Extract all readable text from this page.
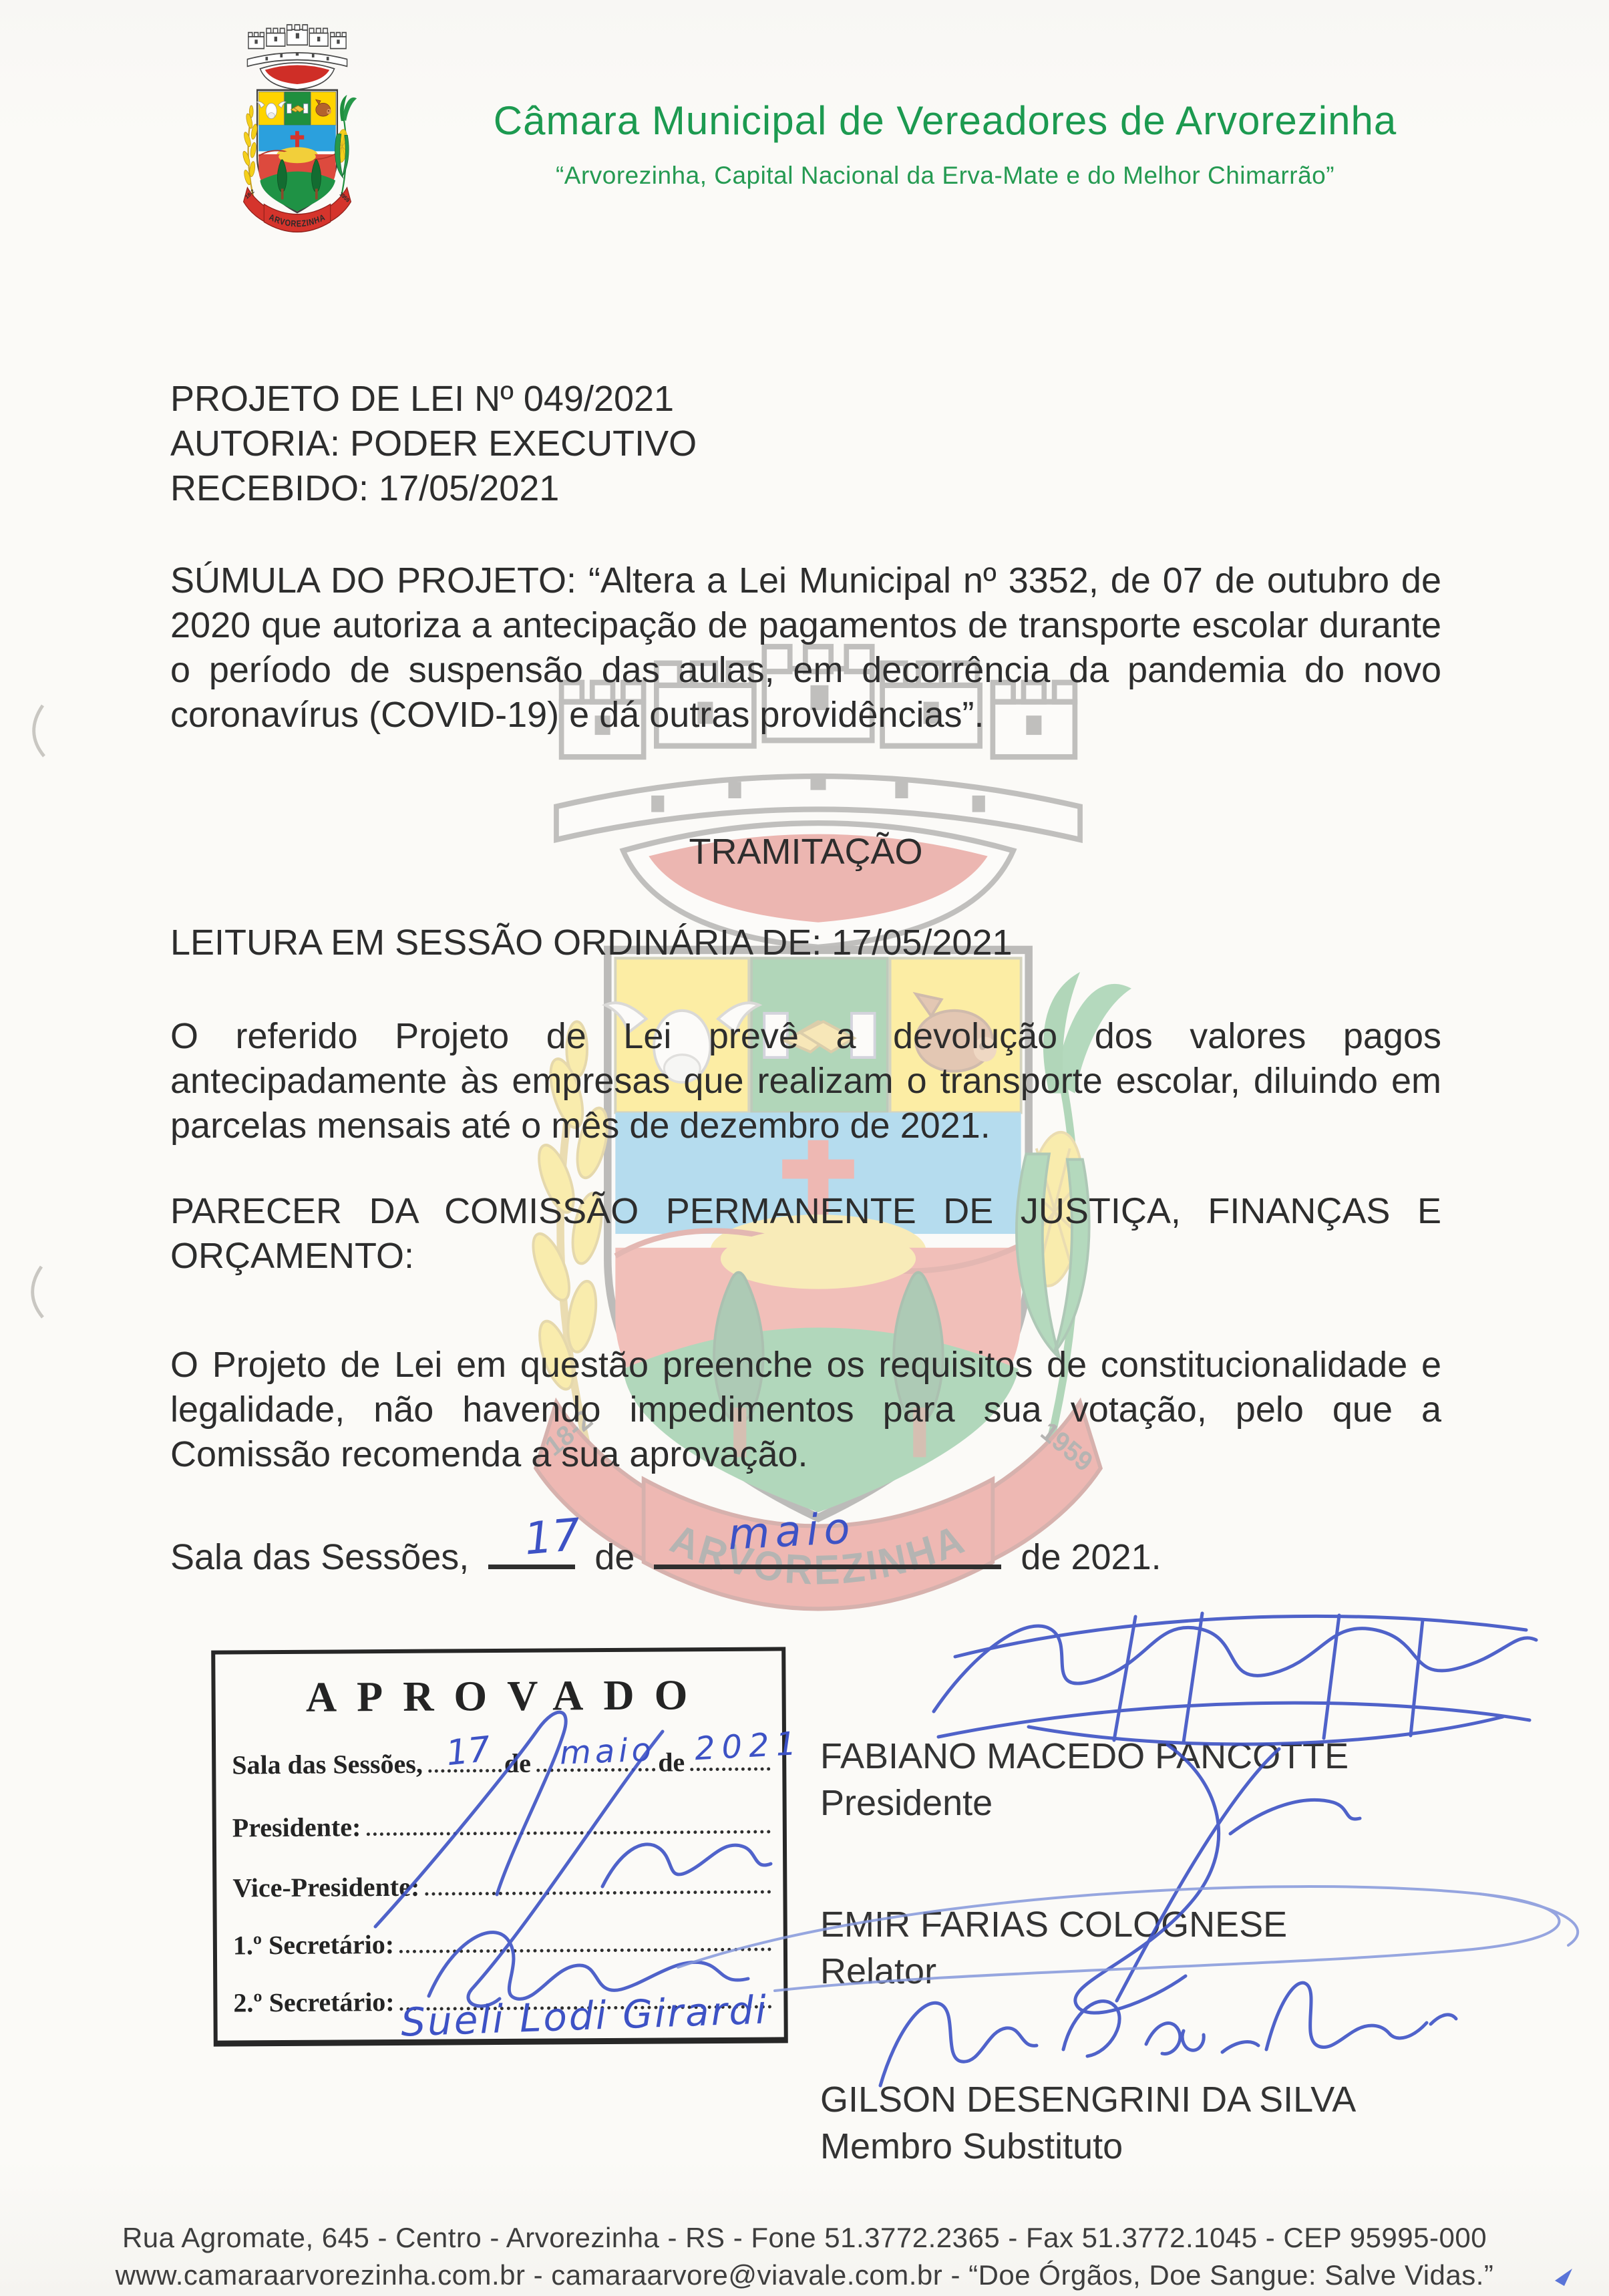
Câmara Municipal de Vereadores de Arvorezinha
“Arvorezinha, Capital Nacional da Erva-Mate e do Melhor Chimarrão”
PROJETO DE LEI Nº 049/2021
AUTORIA: PODER EXECUTIVO
RECEBIDO: 17/05/2021
SÚMULA DO PROJETO: “Altera a Lei Municipal nº 3352, de 07 de outubro de 2020 que autoriza a antecipação de pagamentos de transporte escolar durante o período de suspensão das aulas, em decorrência da pandemia do novo coronavírus (COVID-19) e dá outras providências”.
TRAMITAÇÃO
LEITURA EM SESSÃO ORDINÁRIA DE: 17/05/2021
O referido Projeto de Lei prevê a devolução dos valores pagos antecipadamente às empresas que realizam o transporte escolar, diluindo em parcelas mensais até o mês de dezembro de 2021.
PARECER DA COMISSÃO PERMANENTE DE JUSTIÇA, FINANÇAS E ORÇAMENTO:
O Projeto de Lei em questão preenche os requisitos de constitucionalidade e legalidade, não havendo impedimentos para sua votação, pelo que a Comissão recomenda a sua aprovação.
Sala das Sessões,	de	de 2021.
17	maio
APROVADO
Sala das Sessões,	de	de
Presidente:
Vice-Presidente:
1.º Secretário:
2.º Secretário:
17 maio 2021
Sueli Lodi Girardi
FABIANO MACEDO PANCOTTE
Presidente
EMIR FARIAS COLOGNESE
Relator
GILSON DESENGRINI DA SILVA
Membro Substituto
Rua Agromate, 645 - Centro - Arvorezinha - RS - Fone 51.3772.2365 - Fax 51.3772.1045 - CEP 95995-000
www.camaraarvorezinha.com.br - camaraarvore@viavale.com.br - “Doe Órgãos, Doe Sangue: Salve Vidas.”
